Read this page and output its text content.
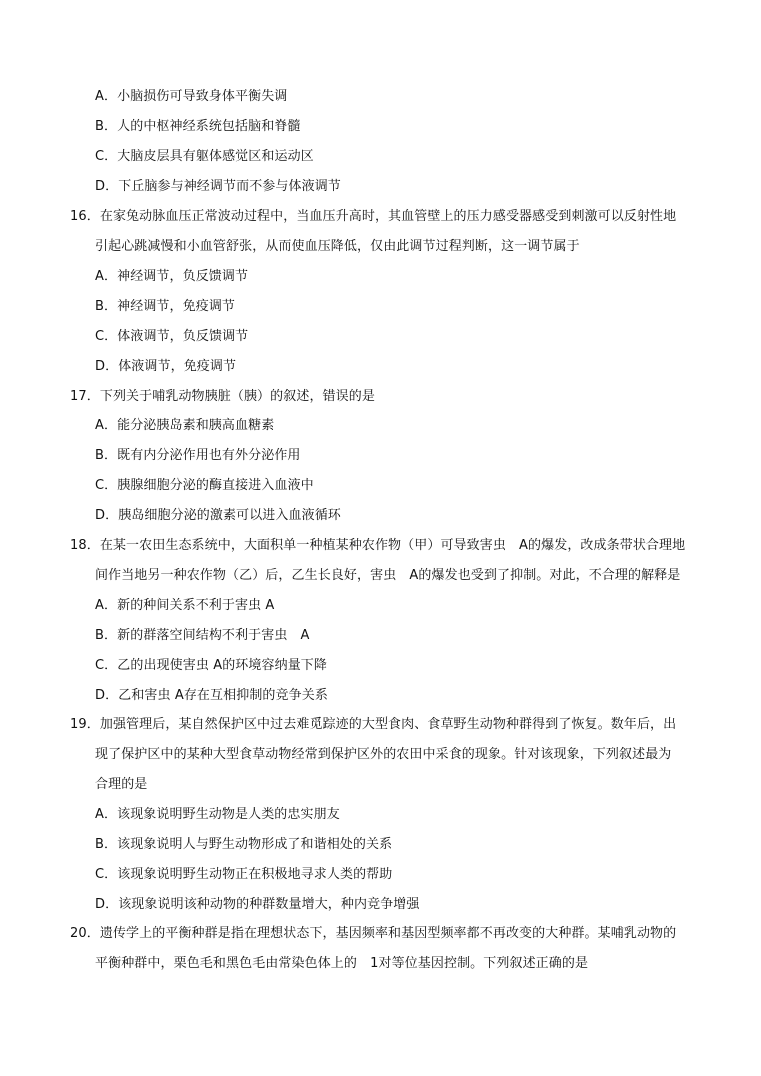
A．小脑损伤可导致身体平衡失调
B．人的中枢神经系统包括脑和脊髓
C．大脑皮层具有躯体感觉区和运动区
D．下丘脑参与神经调节而不参与体液调节
16．在家兔动脉血压正常波动过程中，当血压升高时，其血管壁上的压力感受器感受到刺激可以反射性地
引起心跳减慢和小血管舒张，从而使血压降低，仅由此调节过程判断，这一调节属于
A．神经调节，负反馈调节
B．神经调节，免疫调节
C．体液调节，负反馈调节
D．体液调节，免疫调节
17．下列关于哺乳动物胰脏（胰）的叙述，错误的是
A．能分泌胰岛素和胰高血糖素
B．既有内分泌作用也有外分泌作用
C．胰腺细胞分泌的酶直接进入血液中
D．胰岛细胞分泌的激素可以进入血液循环
18．在某一农田生态系统中，大面积单一种植某种农作物（甲）可导致害虫　A的爆发，改成条带状合理地
间作当地另一种农作物（乙）后，乙生长良好，害虫　A的爆发也受到了抑制。对此，不合理的解释是
A．新的种间关系不利于害虫 A
B．新的群落空间结构不利于害虫　A
C．乙的出现使害虫 A的环境容纳量下降
D．乙和害虫 A存在互相抑制的竞争关系
19．加强管理后，某自然保护区中过去难觅踪迹的大型食肉、食草野生动物种群得到了恢复。数年后，出
现了保护区中的某种大型食草动物经常到保护区外的农田中采食的现象。针对该现象，下列叙述最为
合理的是
A．该现象说明野生动物是人类的忠实朋友
B．该现象说明人与野生动物形成了和谐相处的关系
C．该现象说明野生动物正在积极地寻求人类的帮助
D．该现象说明该种动物的种群数量增大，种内竞争增强
20．遗传学上的平衡种群是指在理想状态下，基因频率和基因型频率都不再改变的大种群。某哺乳动物的
平衡种群中，栗色毛和黑色毛由常染色体上的　1对等位基因控制。下列叙述正确的是
